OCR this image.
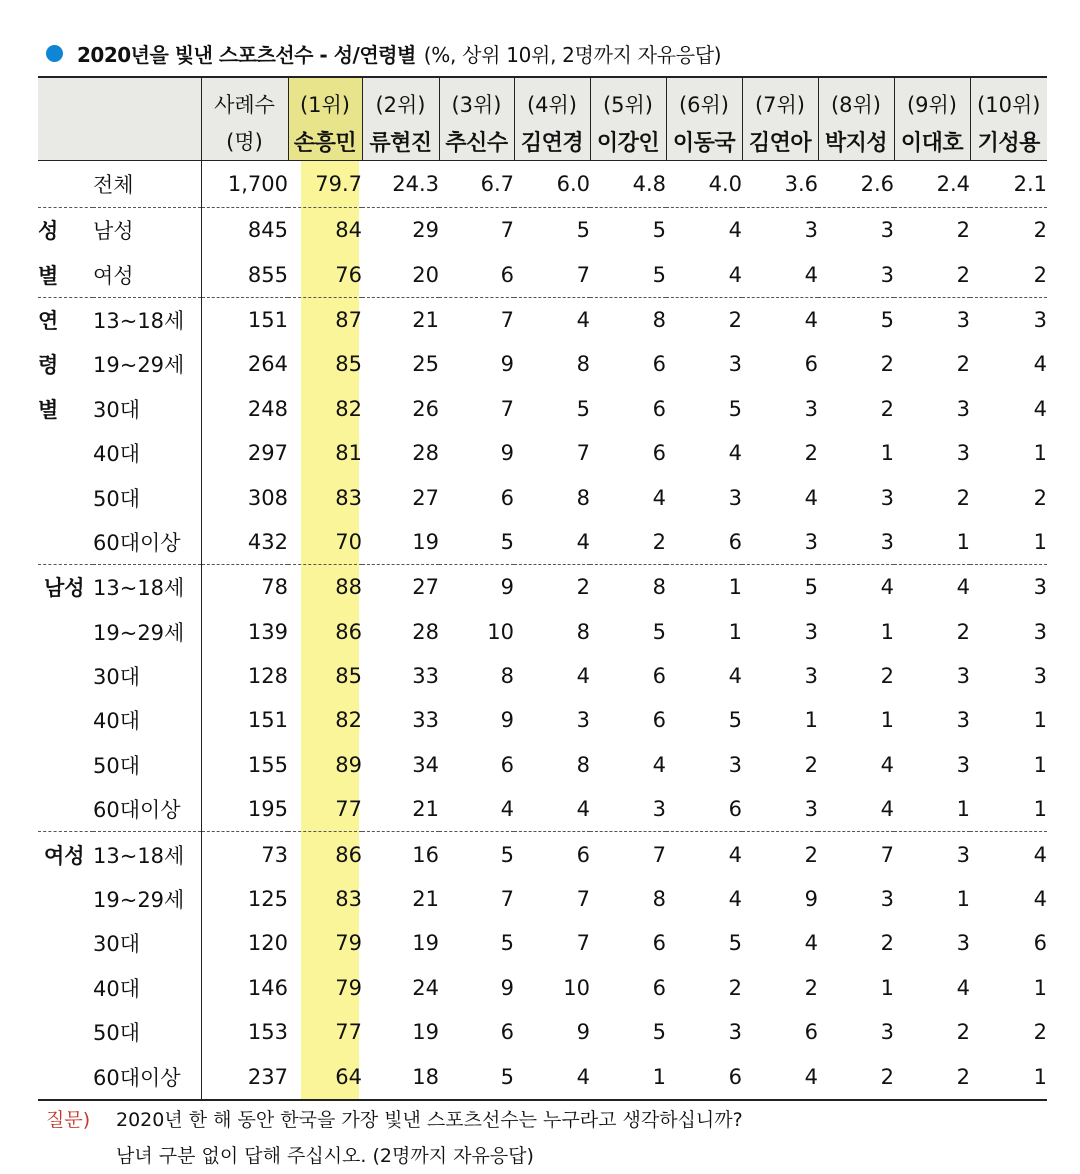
2020년을 빛낸 스포츠선수 - 성/연령별 (%, 상위 10위, 2명까지 자유응답)
		사례수	(1위)	(2위)	(3위)	(4위)	(5위)	(6위)	(7위)	(8위)	(9위)	(10위)
		(명)	손흥민	류현진	추신수	김연경	이강인	이동국	김연아	박지성	이대호	기성용
	전체	1,700	79.7	24.3	6.7	6.0	4.8	4.0	3.6	2.6	2.4	2.1
성	남성	845	84	29	7	5	5	4	3	3	2	2
별	여성	855	76	20	6	7	5	4	4	3	2	2
연	13~18세	151	87	21	7	4	8	2	4	5	3	3
령	19~29세	264	85	25	9	8	6	3	6	2	2	4
별	30대	248	82	26	7	5	6	5	3	2	3	4
	40대	297	81	28	9	7	6	4	2	1	3	1
	50대	308	83	27	6	8	4	3	4	3	2	2
	60대이상	432	70	19	5	4	2	6	3	3	1	1
남성	13~18세	78	88	27	9	2	8	1	5	4	4	3
	19~29세	139	86	28	10	8	5	1	3	1	2	3
	30대	128	85	33	8	4	6	4	3	2	3	3
	40대	151	82	33	9	3	6	5	1	1	3	1
	50대	155	89	34	6	8	4	3	2	4	3	1
	60대이상	195	77	21	4	4	3	6	3	4	1	1
여성	13~18세	73	86	16	5	6	7	4	2	7	3	4
	19~29세	125	83	21	7	7	8	4	9	3	1	4
	30대	120	79	19	5	7	6	5	4	2	3	6
	40대	146	79	24	9	10	6	2	2	1	4	1
	50대	153	77	19	6	9	5	3	6	3	2	2
	60대이상	237	64	18	5	4	1	6	4	2	2	1
질문) 2020년 한 해 동안 한국을 가장 빛낸 스포츠선수는 누구라고 생각하십니까?
남녀 구분 없이 답해 주십시오. (2명까지 자유응답)
